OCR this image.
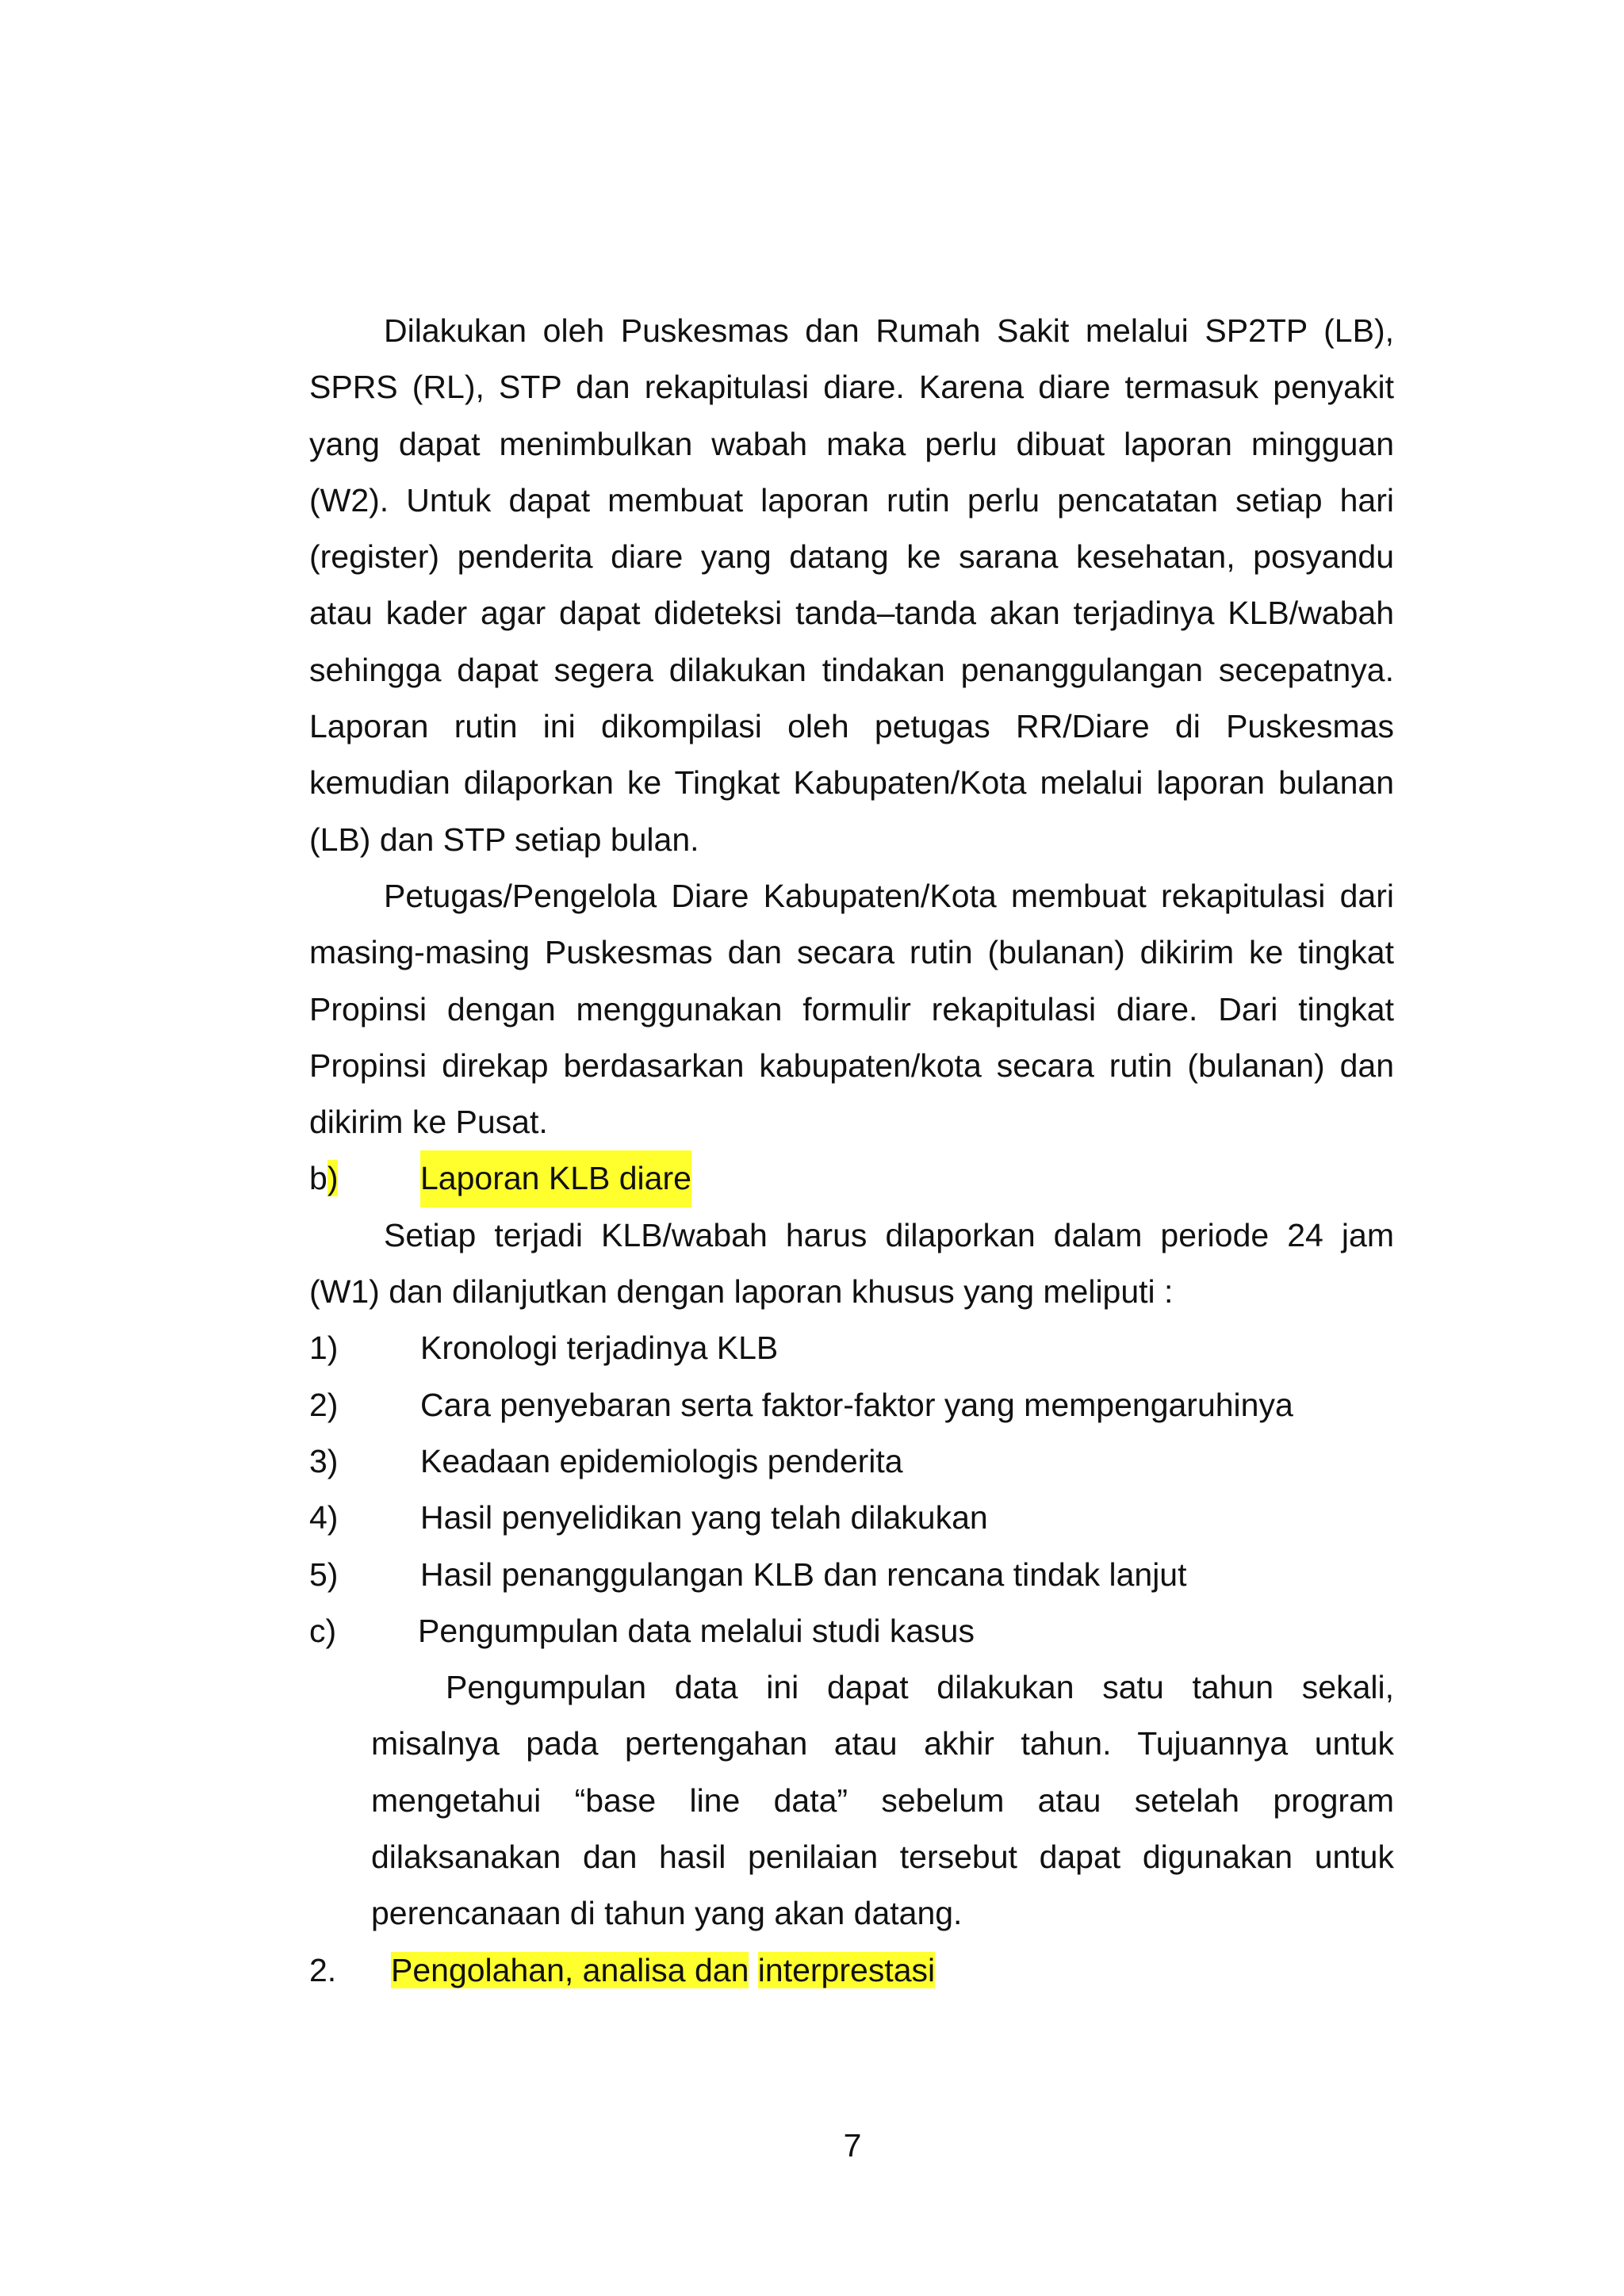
Dilakukan oleh Puskesmas dan Rumah Sakit melalui SP2TP (LB), SPRS (RL), STP dan rekapitulasi diare. Karena diare termasuk penyakit yang dapat menimbulkan wabah maka perlu dibuat laporan mingguan (W2). Untuk dapat membuat laporan rutin perlu pencatatan setiap hari (register) penderita diare yang datang ke sarana kesehatan, posyandu atau kader agar dapat dideteksi tanda–tanda akan terjadinya KLB/wabah sehingga dapat segera dilakukan tindakan penanggulangan secepatnya. Laporan rutin ini dikompilasi oleh petugas RR/Diare di Puskesmas kemudian dilaporkan ke Tingkat Kabupaten/Kota melalui laporan bulanan (LB) dan STP setiap bulan.

Petugas/Pengelola Diare Kabupaten/Kota membuat rekapitulasi dari masing-masing Puskesmas dan secara rutin (bulanan) dikirim ke tingkat Propinsi dengan menggunakan formulir rekapitulasi diare. Dari tingkat Propinsi direkap berdasarkan kabupaten/kota secara rutin (bulanan) dan dikirim ke Pusat.

b)	Laporan KLB diare

Setiap terjadi KLB/wabah harus dilaporkan dalam periode 24 jam (W1) dan dilanjutkan dengan laporan khusus yang meliputi :

1)	Kronologi terjadinya KLB
2)	Cara penyebaran serta faktor-faktor yang mempengaruhinya
3)	Keadaan epidemiologis penderita
4)	Hasil penyelidikan yang telah dilakukan
5)	Hasil penanggulangan KLB dan rencana tindak lanjut
c)	Pengumpulan data melalui studi kasus

Pengumpulan data ini dapat dilakukan satu tahun sekali, misalnya pada pertengahan atau akhir tahun. Tujuannya untuk mengetahui “base line data” sebelum atau setelah program dilaksanakan dan hasil penilaian tersebut dapat digunakan untuk perencanaan di tahun yang akan datang.

2. Pengolahan, analisa dan interprestasi
7
